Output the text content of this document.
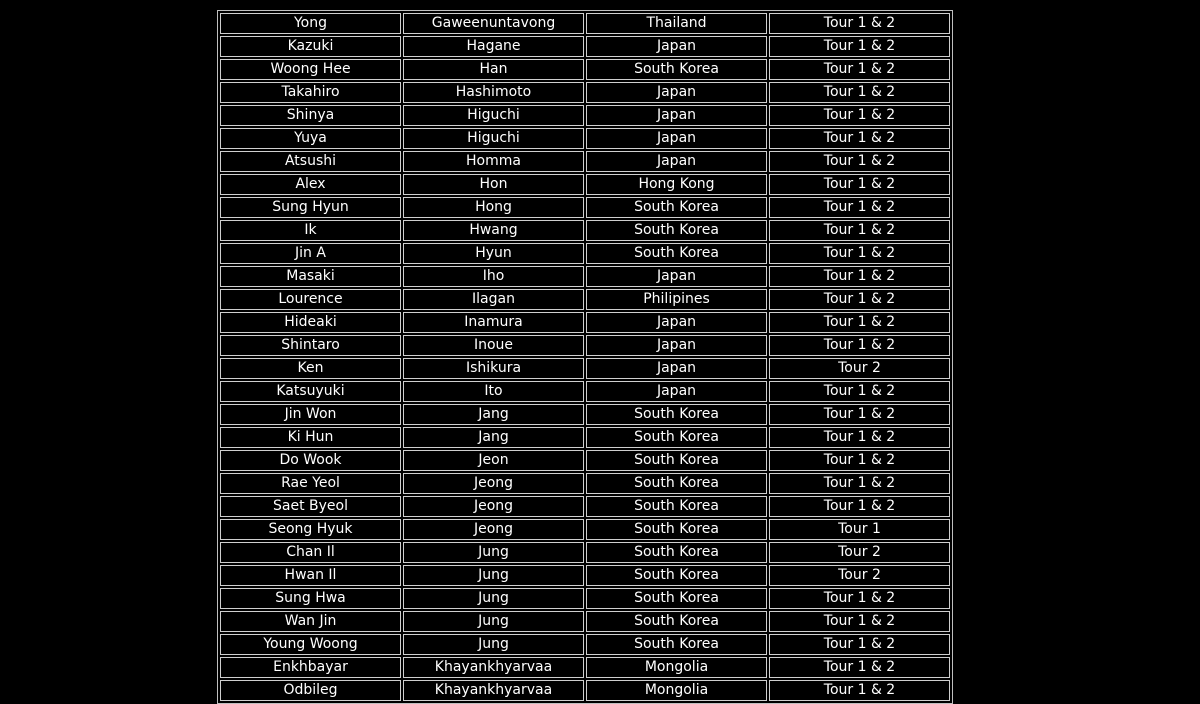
Yong	Gaweenuntavong	Thailand	Tour 1 & 2
Kazuki	Hagane	Japan	Tour 1 & 2
Woong Hee	Han	South Korea	Tour 1 & 2
Takahiro	Hashimoto	Japan	Tour 1 & 2
Shinya	Higuchi	Japan	Tour 1 & 2
Yuya	Higuchi	Japan	Tour 1 & 2
Atsushi	Homma	Japan	Tour 1 & 2
Alex	Hon	Hong Kong	Tour 1 & 2
Sung Hyun	Hong	South Korea	Tour 1 & 2
Ik	Hwang	South Korea	Tour 1 & 2
Jin A	Hyun	South Korea	Tour 1 & 2
Masaki	Iho	Japan	Tour 1 & 2
Lourence	Ilagan	Philipines	Tour 1 & 2
Hideaki	Inamura	Japan	Tour 1 & 2
Shintaro	Inoue	Japan	Tour 1 & 2
Ken	Ishikura	Japan	Tour 2
Katsuyuki	Ito	Japan	Tour 1 & 2
Jin Won	Jang	South Korea	Tour 1 & 2
Ki Hun	Jang	South Korea	Tour 1 & 2
Do Wook	Jeon	South Korea	Tour 1 & 2
Rae Yeol	Jeong	South Korea	Tour 1 & 2
Saet Byeol	Jeong	South Korea	Tour 1 & 2
Seong Hyuk	Jeong	South Korea	Tour 1
Chan Il	Jung	South Korea	Tour 2
Hwan Il	Jung	South Korea	Tour 2
Sung Hwa	Jung	South Korea	Tour 1 & 2
Wan Jin	Jung	South Korea	Tour 1 & 2
Young Woong	Jung	South Korea	Tour 1 & 2
Enkhbayar	Khayankhyarvaa	Mongolia	Tour 1 & 2
Odbileg	Khayankhyarvaa	Mongolia	Tour 1 & 2
